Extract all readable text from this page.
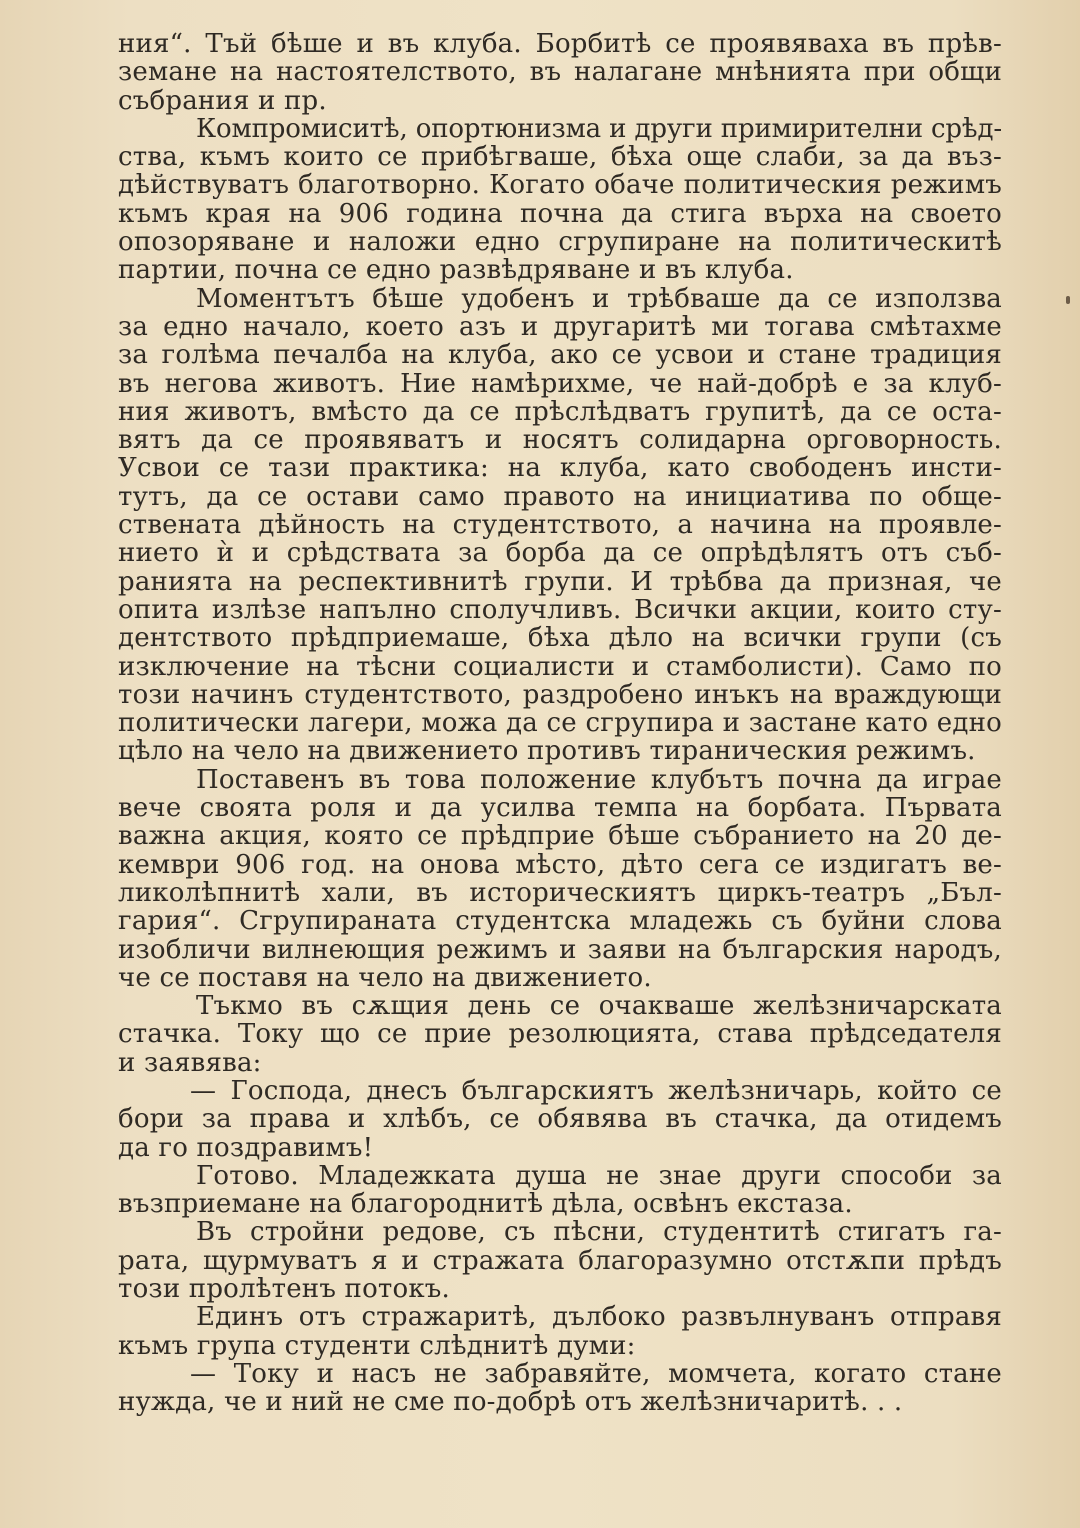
ния“. Тъй бѣше и въ клуба. Борбитѣ се проявяваха въ прѣв-
земане на настоятелството, въ налагане мнѣнията при общи
събрания и пр.
Компромиситѣ, опортюнизма и други примирителни срѣд-
ства, къмъ които се прибѣгваше, бѣха още слаби, за да въз-
дѣйствуватъ благотворно. Когато обаче политическия режимъ
къмъ края на 906 година почна да стига върха на своето
опозоряване и наложи едно сгрупиране на политическитѣ
партии, почна се едно развѣдряване и въ клуба.
Моментътъ бѣше удобенъ и трѣбваше да се използва
за едно начало, което азъ и другаритѣ ми тогава смѣтахме
за голѣма печалба на клуба, ако се усвои и стане традиция
въ негова животъ. Ние намѣрихме, че най-добрѣ е за клуб-
ния животъ, вмѣсто да се прѣслѣдватъ групитѣ, да се оста-
вятъ да се проявяватъ и носятъ солидарна орговорность.
Усвои се тази практика: на клуба, като свободенъ инсти-
тутъ, да се остави само правото на инициатива по обще-
ствената дѣйность на студентството, а начина на проявле-
нието ѝ и срѣдствата за борба да се опрѣдѣлятъ отъ съб-
ранията на респективнитѣ групи. И трѣбва да призная, че
опита излѣзе напълно сполучливъ. Всички акции, които сту-
дентството прѣдприемаше, бѣха дѣло на всички групи (съ
изключение на тѣсни социалисти и стамболисти). Само по
този начинъ студентството, раздробено инъкъ на враждующи
политически лагери, можа да се сгрупира и застане като едно
цѣло на чело на движението противъ тираническия режимъ.
Поставенъ въ това положение клубътъ почна да играе
вече своята роля и да усилва темпа на борбата. Първата
важна акция, която се прѣдприе бѣше събранието на 20 де-
кември 906 год. на онова мѣсто, дѣто сега се издигатъ ве-
ликолѣпнитѣ хали, въ историческиятъ циркъ-театръ „Бъл-
гария“. Сгрупираната студентска младежь съ буйни слова
изобличи вилнеющия режимъ и заяви на българския народъ,
че се поставя на чело на движението.
Тъкмо въ сѫщия день се очакваше желѣзничарската
стачка. Току що се прие резолюцията, става прѣдседателя
и заявява:
— Господа, днесъ българскиятъ желѣзничарь, който се
бори за права и хлѣбъ, се обявява въ стачка, да отидемъ
да го поздравимъ!
Готово. Младежката душа не знае други способи за
възприемане на благороднитѣ дѣла, освѣнъ екстаза.
Въ стройни редове, съ пѣсни, студентитѣ стигатъ га-
рата, щурмуватъ я и стражата благоразумно отстѫпи прѣдъ
този пролѣтенъ потокъ.
Единъ отъ стражаритѣ, дълбоко развълнуванъ отправя
къмъ група студенти слѣднитѣ думи:
— Току и насъ не забравяйте, момчета, когато стане
нужда, че и ний не сме по-добрѣ отъ желѣзничаритѣ. . .
